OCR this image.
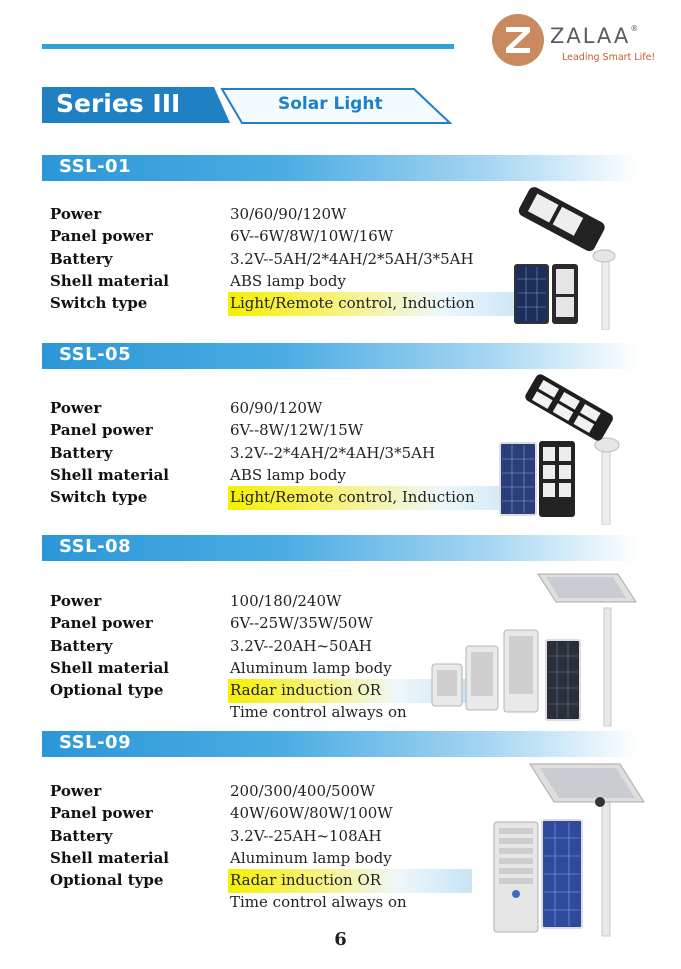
ZALAA®
Leading Smart Life!
Series III	Solar Light
SSL-01
Power	30/60/90/120W
Panel power	6V--6W/8W/10W/16W
Battery	3.2V--5AH/2*4AH/2*5AH/3*5AH
Shell material	ABS lamp body
Switch type	Light/Remote control, Induction
SSL-05
Power	60/90/120W
Panel power	6V--8W/12W/15W
Battery	3.2V--2*4AH/2*4AH/3*5AH
Shell material	ABS lamp body
Switch type	Light/Remote control, Induction
SSL-08
Power	100/180/240W
Panel power	6V--25W/35W/50W
Battery	3.2V--20AH~50AH
Shell material	Aluminum lamp body
Optional type	Radar induction OR
Time control always on
SSL-09
Power	200/300/400/500W
Panel power	40W/60W/80W/100W
Battery	3.2V--25AH~108AH
Shell material	Aluminum lamp body
Optional type	Radar induction OR
Time control always on
6
